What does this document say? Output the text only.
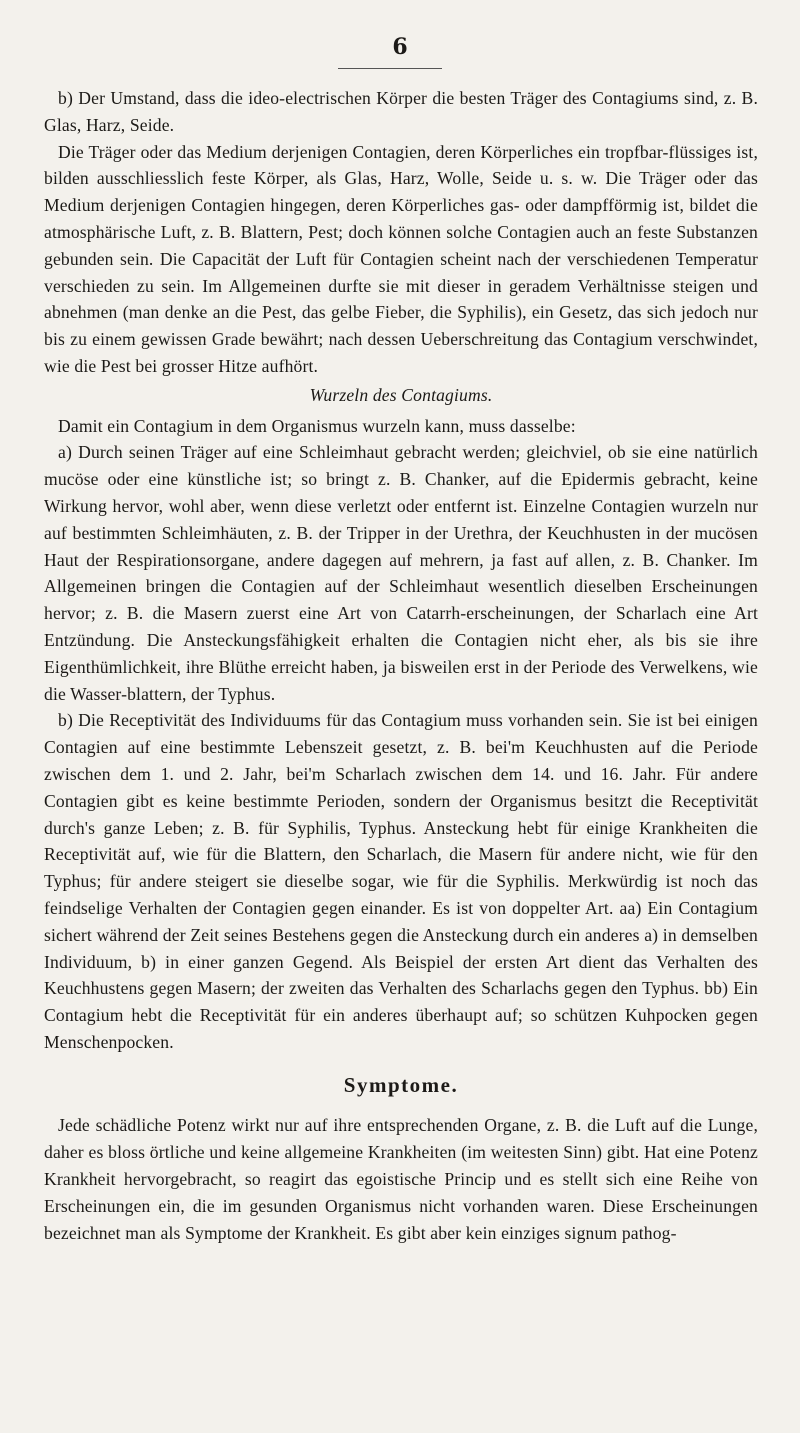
6

b) Der Umstand, dass die ideo-electrischen Körper die besten Träger des Contagiums sind, z. B. Glas, Harz, Seide.

Die Träger oder das Medium derjenigen Contagien, deren Körperliches ein tropfbar-flüssiges ist, bilden ausschliesslich feste Körper, als Glas, Harz, Wolle, Seide u. s. w. Die Träger oder das Medium derjenigen Contagien hingegen, deren Körperliches gas- oder dampfförmig ist, bildet die atmosphärische Luft, z. B. Blattern, Pest; doch können solche Contagien auch an feste Substanzen gebunden sein. Die Capacität der Luft für Contagien scheint nach der verschiedenen Temperatur verschieden zu sein. Im Allgemeinen durfte sie mit dieser in geradem Verhältnisse steigen und abnehmen (man denke an die Pest, das gelbe Fieber, die Syphilis), ein Gesetz, das sich jedoch nur bis zu einem gewissen Grade bewährt; nach dessen Ueberschreitung das Contagium verschwindet, wie die Pest bei grosser Hitze aufhört.

Wurzeln des Contagiums.

Damit ein Contagium in dem Organismus wurzeln kann, muss dasselbe:

a) Durch seinen Träger auf eine Schleimhaut gebracht werden; gleichviel, ob sie eine natürlich mucöse oder eine künstliche ist; so bringt z. B. Chanker, auf die Epidermis gebracht, keine Wirkung hervor, wohl aber, wenn diese verletzt oder entfernt ist. Einzelne Contagien wurzeln nur auf bestimmten Schleimhäuten, z. B. der Tripper in der Urethra, der Keuchhusten in der mucösen Haut der Respirationsorgane, andere dagegen auf mehrern, ja fast auf allen, z. B. Chanker. Im Allgemeinen bringen die Contagien auf der Schleimhaut wesentlich dieselben Erscheinungen hervor; z. B. die Masern zuerst eine Art von Catarrh-erscheinungen, der Scharlach eine Art Entzündung. Die Ansteckungsfähigkeit erhalten die Contagien nicht eher, als bis sie ihre Eigenthümlichkeit, ihre Blüthe erreicht haben, ja bisweilen erst in der Periode des Verwelkens, wie die Wasser-blattern, der Typhus.

b) Die Receptivität des Individuums für das Contagium muss vorhanden sein. Sie ist bei einigen Contagien auf eine bestimmte Lebenszeit gesetzt, z. B. bei'm Keuchhusten auf die Periode zwischen dem 1. und 2. Jahr, bei'm Scharlach zwischen dem 14. und 16. Jahr. Für andere Contagien gibt es keine bestimmte Perioden, sondern der Organismus besitzt die Receptivität durch's ganze Leben; z. B. für Syphilis, Typhus. Ansteckung hebt für einige Krankheiten die Receptivität auf, wie für die Blattern, den Scharlach, die Masern für andere nicht, wie für den Typhus; für andere steigert sie dieselbe sogar, wie für die Syphilis. Merkwürdig ist noch das feindselige Verhalten der Contagien gegen einander. Es ist von doppelter Art. aa) Ein Contagium sichert während der Zeit seines Bestehens gegen die Ansteckung durch ein anderes a) in demselben Individuum, b) in einer ganzen Gegend. Als Beispiel der ersten Art dient das Verhalten des Keuchhustens gegen Masern; der zweiten das Verhalten des Scharlachs gegen den Typhus. bb) Ein Contagium hebt die Receptivität für ein anderes überhaupt auf; so schützen Kuhpocken gegen Menschenpocken.

Symptome.

Jede schädliche Potenz wirkt nur auf ihre entsprechenden Organe, z. B. die Luft auf die Lunge, daher es bloss örtliche und keine allgemeine Krankheiten (im weitesten Sinn) gibt. Hat eine Potenz Krankheit hervorgebracht, so reagirt das egoistische Princip und es stellt sich eine Reihe von Erscheinungen ein, die im gesunden Organismus nicht vorhanden waren. Diese Erscheinungen bezeichnet man als Symptome der Krankheit. Es gibt aber kein einziges signum pathog-
